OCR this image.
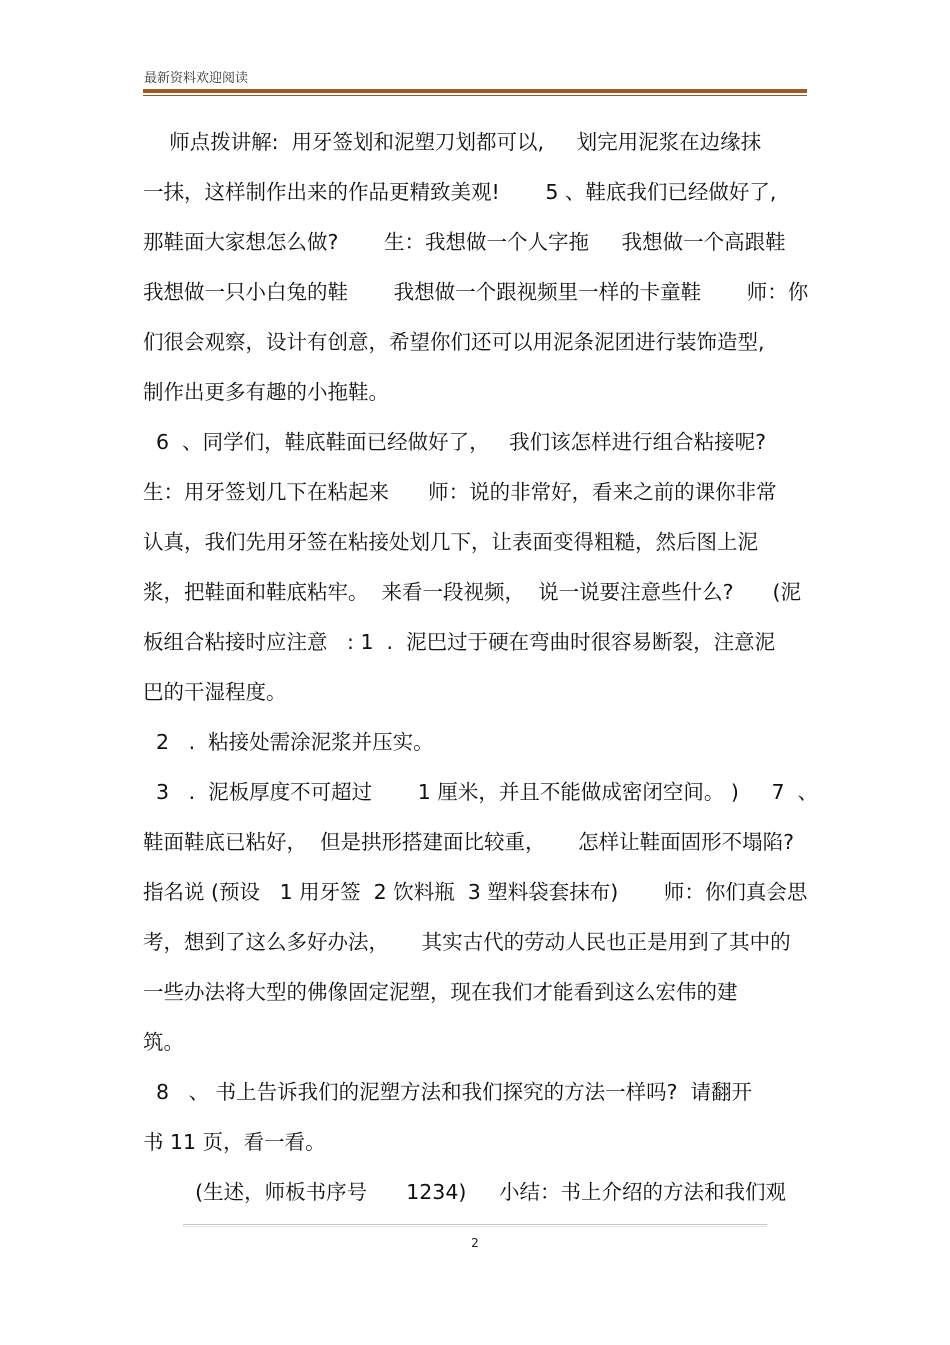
最新资料欢迎阅读
师点拨讲解:  用牙签划和泥塑刀划都可以,     划完用泥浆在边缘抹
一抹，这样制作出来的作品更精致美观!       5 、鞋底我们已经做好了,
那鞋面大家想怎么做?       生：我想做一个人字拖     我想做一个高跟鞋
我想做一只小白兔的鞋       我想做一个跟视频里一样的卡童鞋       师：你
们很会观察，设计有创意，希望你们还可以用泥条泥团进行装饰造型,
制作出更多有趣的小拖鞋。
6  、同学们，鞋底鞋面已经做好了，   我们该怎样进行组合粘接呢?
生：用牙签划几下在粘起来      师：说的非常好，看来之前的课你非常
认真，我们先用牙签在粘接处划几下，让表面变得粗糙，然后图上泥
浆，把鞋面和鞋底粘牢。  来看一段视频，  说一说要注意些什么?      (泥
板组合粘接时应注意   : 1  .  泥巴过于硬在弯曲时很容易断裂，注意泥
巴的干湿程度。
2   .  粘接处需涂泥浆并压实。
3   .  泥板厚度不可超过       1 厘米，并且不能做成密闭空间。 )     7  、
鞋面鞋底已粘好，  但是拱形搭建面比较重，     怎样让鞋面固形不塌陷?
指名说 (预设   1 用牙签  2 饮料瓶  3 塑料袋套抹布)       师：你们真会思
考，想到了这么多好办法，     其实古代的劳动人民也正是用到了其中的
一些办法将大型的佛像固定泥塑，现在我们才能看到这么宏伟的建
筑。
8   、 书上告诉我们的泥塑方法和我们探究的方法一样吗?  请翻开
书 11 页，看一看。
(生述，师板书序号      1234)     小结：书上介绍的方法和我们观
2
